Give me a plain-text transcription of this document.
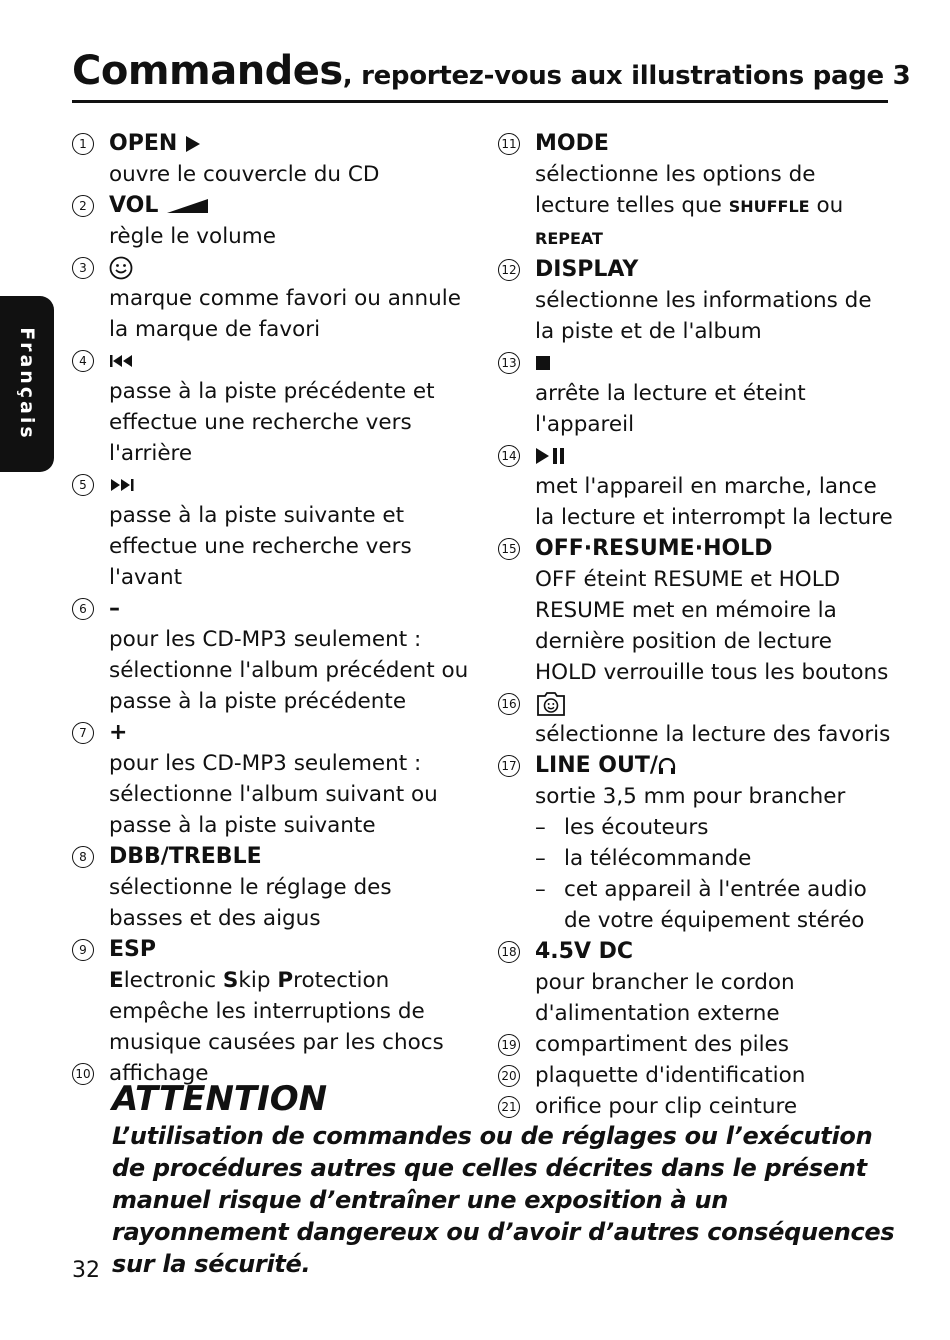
Commandes, reportez-vous aux illustrations page 3
Français
1	OPEN
ouvre le couvercle du CD
2	VOL
règle le volume
3
marque comme favori ou annule la marque de favori
4
passe à la piste précédente et effectue une recherche vers l'arrière
5
passe à la piste suivante et effectue une recherche vers l'avant
6	–
pour les CD-MP3 seulement : sélectionne l'album précédent ou passe à la piste précédente
7	+
pour les CD-MP3 seulement : sélectionne l'album suivant ou passe à la piste suivante
8	DBB/TREBLE
sélectionne le réglage des basses et des aigus
9	ESP
Electronic Skip Protection
empêche les interruptions de musique causées par les chocs
10 affichage
11 MODE
sélectionne les options de lecture telles que SHUFFLE ou REPEAT
12 DISPLAY
sélectionne les informations de la piste et de l'album
13
arrête la lecture et éteint l'appareil
14
met l'appareil en marche, lance la lecture et interrompt la lecture
15 OFF·RESUME·HOLD
OFF éteint RESUME et HOLD
RESUME met en mémoire la dernière position de lecture
HOLD verrouille tous les boutons
16
sélectionne la lecture des favoris
17 LINE OUT/
sortie 3,5 mm pour brancher
– les écouteurs
– la télécommande
– cet appareil à l'entrée audio de votre équipement stéréo
18 4.5V DC
pour brancher le cordon d'alimentation externe
19 compartiment des piles
20 plaquette d'identification
21 orifice pour clip ceinture
ATTENTION
L’utilisation de commandes ou de réglages ou l’exécution de procédures autres que celles décrites dans le présent manuel risque d’entraîner une exposition à un rayonnement dangereux ou d’avoir d’autres conséquences sur la sécurité.
32
